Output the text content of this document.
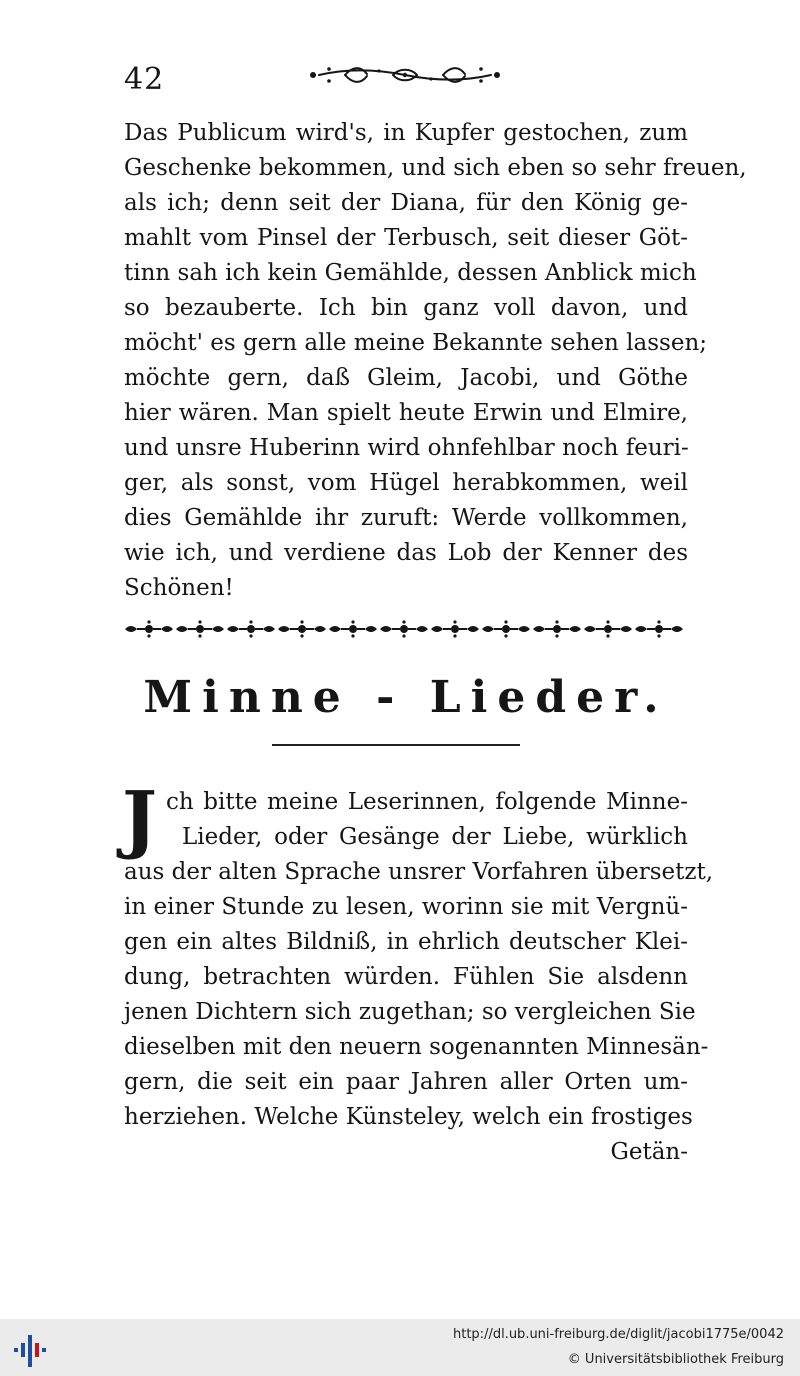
42
Das Publicum wird's, in Kupfer gestochen, zum
Geschenke bekommen, und sich eben so sehr freuen,
als ich; denn seit der Diana, für den König ge-
mahlt vom Pinsel der Terbusch, seit dieser Göt-
tinn sah ich kein Gemählde, dessen Anblick mich
so bezauberte. Ich bin ganz voll davon, und
möcht' es gern alle meine Bekannte sehen lassen;
möchte gern, daß Gleim, Jacobi, und Göthe
hier wären. Man spielt heute Erwin und Elmire,
und unsre Huberinn wird ohnfehlbar noch feuri-
ger, als sonst, vom Hügel herabkommen, weil
dies Gemählde ihr zuruft: Werde vollkommen,
wie ich, und verdiene das Lob der Kenner des
Schönen!
Minne - Lieder.
J ch bitte meine Leserinnen, folgende Minne-
Lieder, oder Gesänge der Liebe, würklich
aus der alten Sprache unsrer Vorfahren übersetzt,
in einer Stunde zu lesen, worinn sie mit Vergnü-
gen ein altes Bildniß, in ehrlich deutscher Klei-
dung, betrachten würden. Fühlen Sie alsdenn
jenen Dichtern sich zugethan; so vergleichen Sie
dieselben mit den neuern sogenannten Minnesän-
gern, die seit ein paar Jahren aller Orten um-
herziehen. Welche Künsteley, welch ein frostiges
Getän-
http://dl.ub.uni-freiburg.de/diglit/jacobi1775e/0042
© Universitätsbibliothek Freiburg
